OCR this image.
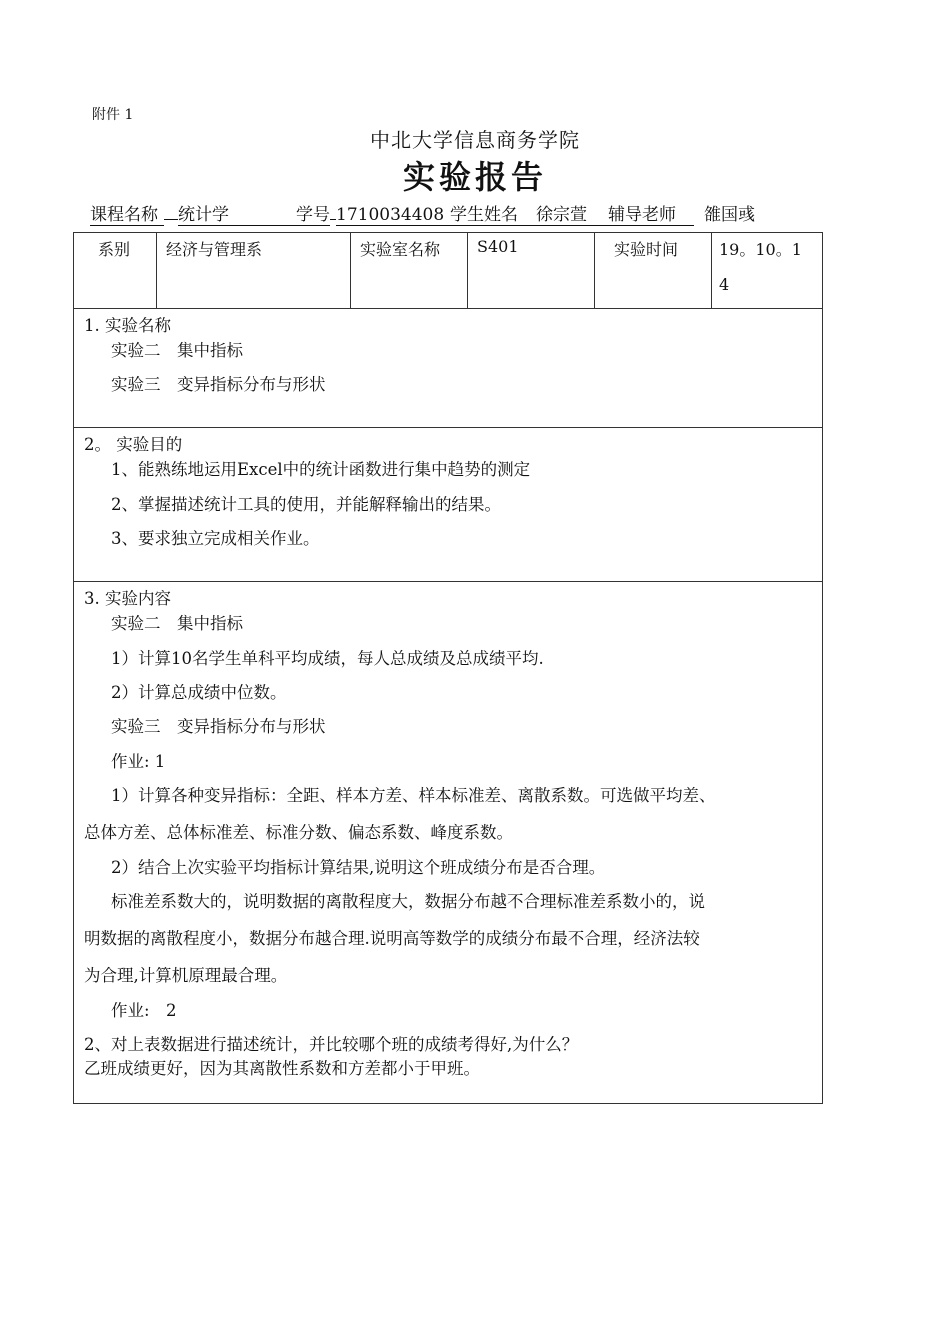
附件 1
中北大学信息商务学院
实验报告
课程名称 统计学	学号 1710034408 学生姓名 徐宗萱 辅导老师 雒国彧
系别 经济与管理系	实验室名称 S401	实验时间	19。10。1
4
1. 实验名称
实验二　集中指标
实验三　变异指标分布与形状
2。 实验目的
1、能熟练地运用Excel中的统计函数进行集中趋势的测定
2、掌握描述统计工具的使用，并能解释输出的结果。
3、要求独立完成相关作业。
3. 实验内容
实验二　集中指标
1）计算10名学生单科平均成绩，每人总成绩及总成绩平均.
2）计算总成绩中位数。
实验三　变异指标分布与形状
作业: 1
1）计算各种变异指标：全距、样本方差、样本标准差、离散系数。可选做平均差、
总体方差、总体标准差、标准分数、偏态系数、峰度系数。
2）结合上次实验平均指标计算结果,说明这个班成绩分布是否合理。
标准差系数大的，说明数据的离散程度大，数据分布越不合理标准差系数小的，说
明数据的离散程度小，数据分布越合理.说明高等数学的成绩分布最不合理，经济法较
为合理,计算机原理最合理。
作业:　2
2、对上表数据进行描述统计，并比较哪个班的成绩考得好,为什么？
乙班成绩更好，因为其离散性系数和方差都小于甲班。
